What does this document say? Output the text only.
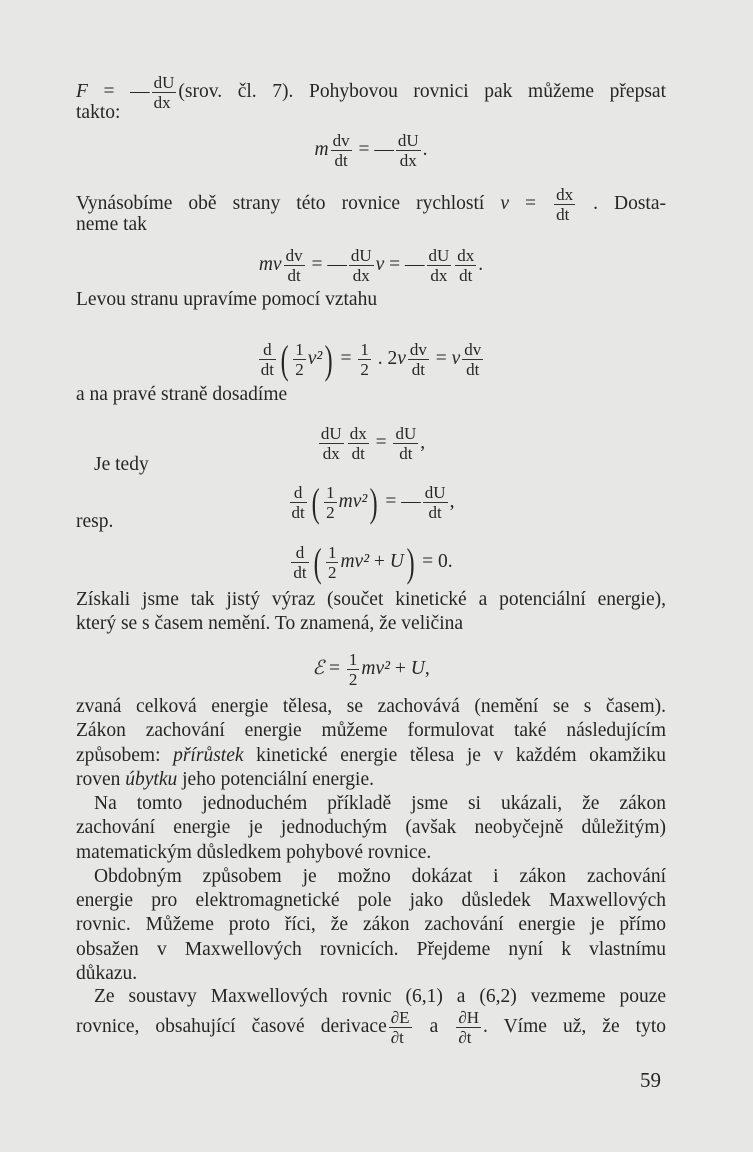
F = — $\frac{dU}{dx}$ (srov. čl. 7). Pohybovou rovnici pak můžeme přepsat
takto:
m $\frac{dv}{dt}$ = — $\frac{dU}{dx}$ .
Vynásobíme obě strany této rovnice rychlostí $v = \frac{dx}{dt}$ . Dosta-
neme tak
mv $\frac{dv}{dt}$ = — $\frac{dU}{dx}$ v = — $\frac{dU}{dx} \frac{dx}{dt}$ .
Levou stranu upravíme pomocí vztahu
$\frac{d}{dt}$ ( $\frac{1}{2} v^2) = \frac{1}{2}$ . $2v \frac{dv}{dt} = v \frac{dv}{dt}$
a na pravé straně dosadíme
$\frac{dU}{dx} \frac{dx}{dt} = \frac{dU}{dt}$ ,
Je tedy
$\frac{d}{dt}$ ( $\frac{1}{2} mv^2$) = — $\frac{dU}{dt}$ ,
resp.
$\frac{d}{dt}$ ( $\frac{1}{2} mv^2 + U) = 0$.
Získali jsme tak jistý výraz (součet kinetické a potenciální energie),
který se s časem nemění. To znamená, že veličina
ℰ = $\frac{1}{2} mv^2 + U$,
zvaná celková energie tělesa, se zachovává (nemění se s časem).
Zákon zachování energie můžeme formulovat také následujícím
způsobem: přírůstek kinetické energie tělesa je v každém okamžiku
roven úbytku jeho potenciální energie.
Na tomto jednoduchém příkladě jsme si ukázali, že zákon
zachování energie je jednoduchým (avšak neobyčejně důležitým)
matematickým důsledkem pohybové rovnice.
Obdobným způsobem je možno dokázat i zákon zachování
energie pro elektromagnetické pole jako důsledek Maxwellových
rovnic. Můžeme proto říci, že zákon zachování energie je přímo
obsažen v Maxwellových rovnicích. Přejdeme nyní k vlastnímu
důkazu.
Ze soustavy Maxwellových rovnic (6,1) a (6,2) vezmeme pouze
rovnice, obsahující časové derivace $\frac{\partial E}{\partial t}$ a $\frac{\partial H}{\partial t}$ . Víme už, že tyto
59
